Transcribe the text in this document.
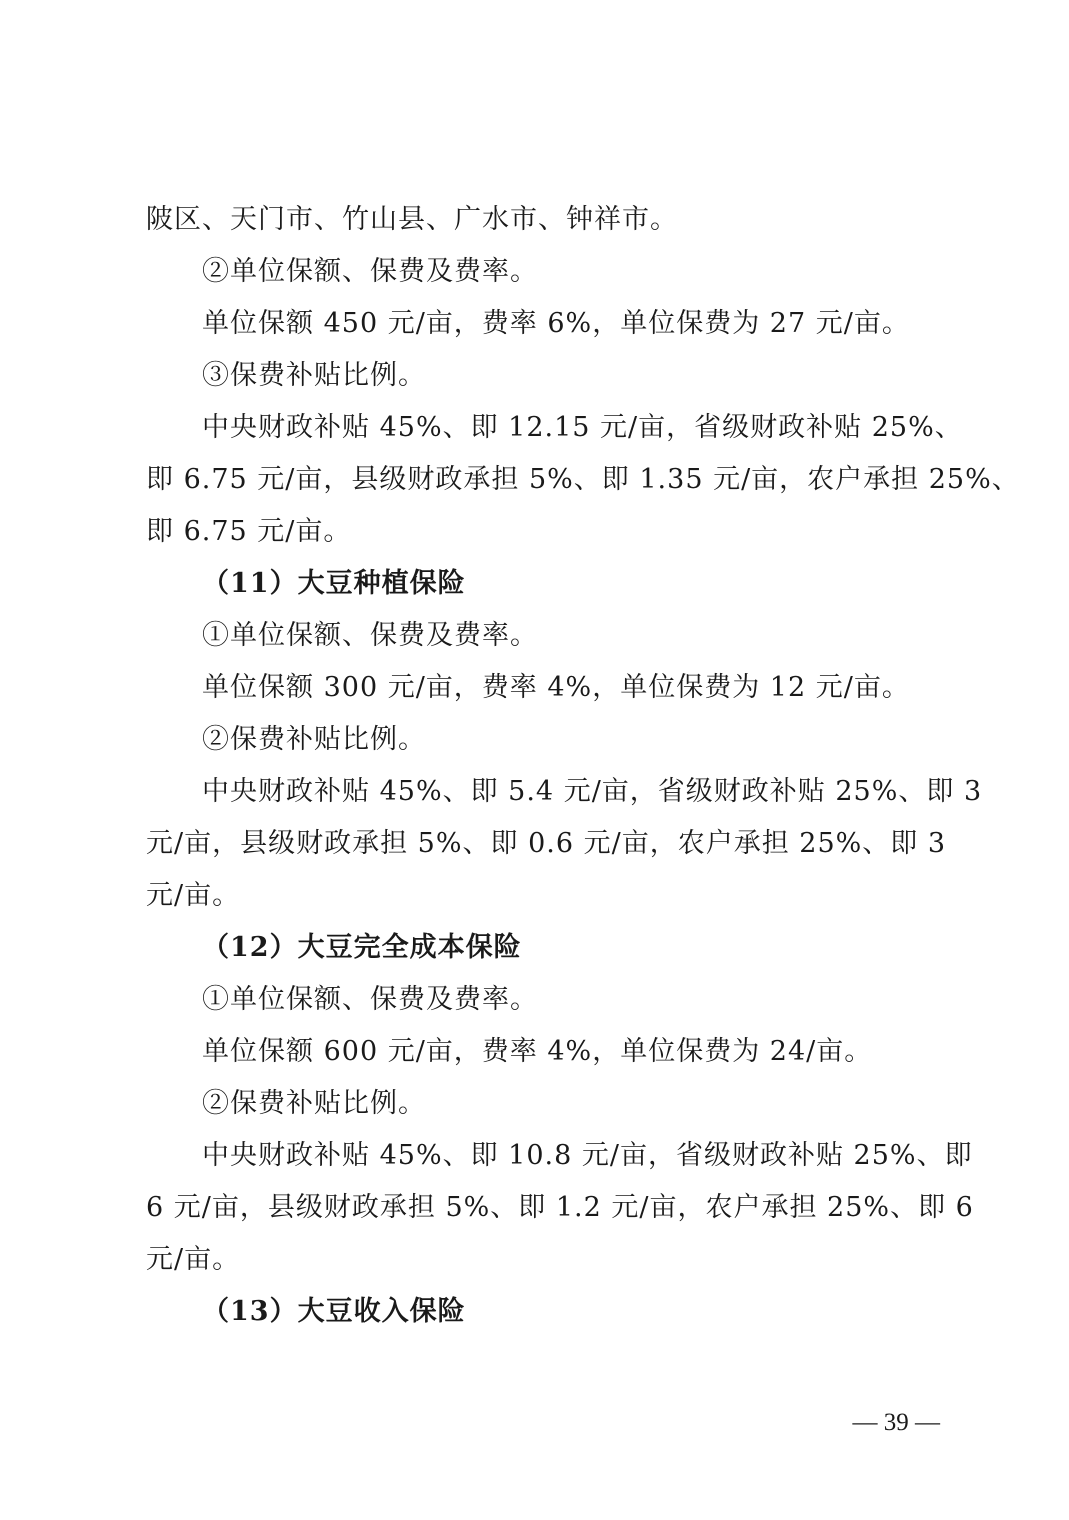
陂区、天门市、竹山县、广水市、钟祥市。
②单位保额、保费及费率。
单位保额 450 元/亩，费率 6%，单位保费为 27 元/亩。
③保费补贴比例。
中央财政补贴 45%、即 12.15 元/亩，省级财政补贴 25%、
即 6.75 元/亩，县级财政承担 5%、即 1.35 元/亩，农户承担 25%、
即 6.75 元/亩。
（11）大豆种植保险
①单位保额、保费及费率。
单位保额 300 元/亩，费率 4%，单位保费为 12 元/亩。
②保费补贴比例。
中央财政补贴 45%、即 5.4 元/亩，省级财政补贴 25%、即 3
元/亩，县级财政承担 5%、即 0.6 元/亩，农户承担 25%、即 3
元/亩。
（12）大豆完全成本保险
①单位保额、保费及费率。
单位保额 600 元/亩，费率 4%，单位保费为 24/亩。
②保费补贴比例。
中央财政补贴 45%、即 10.8 元/亩，省级财政补贴 25%、即
6 元/亩，县级财政承担 5%、即 1.2 元/亩，农户承担 25%、即 6
元/亩。
（13）大豆收入保险
— 39 —
